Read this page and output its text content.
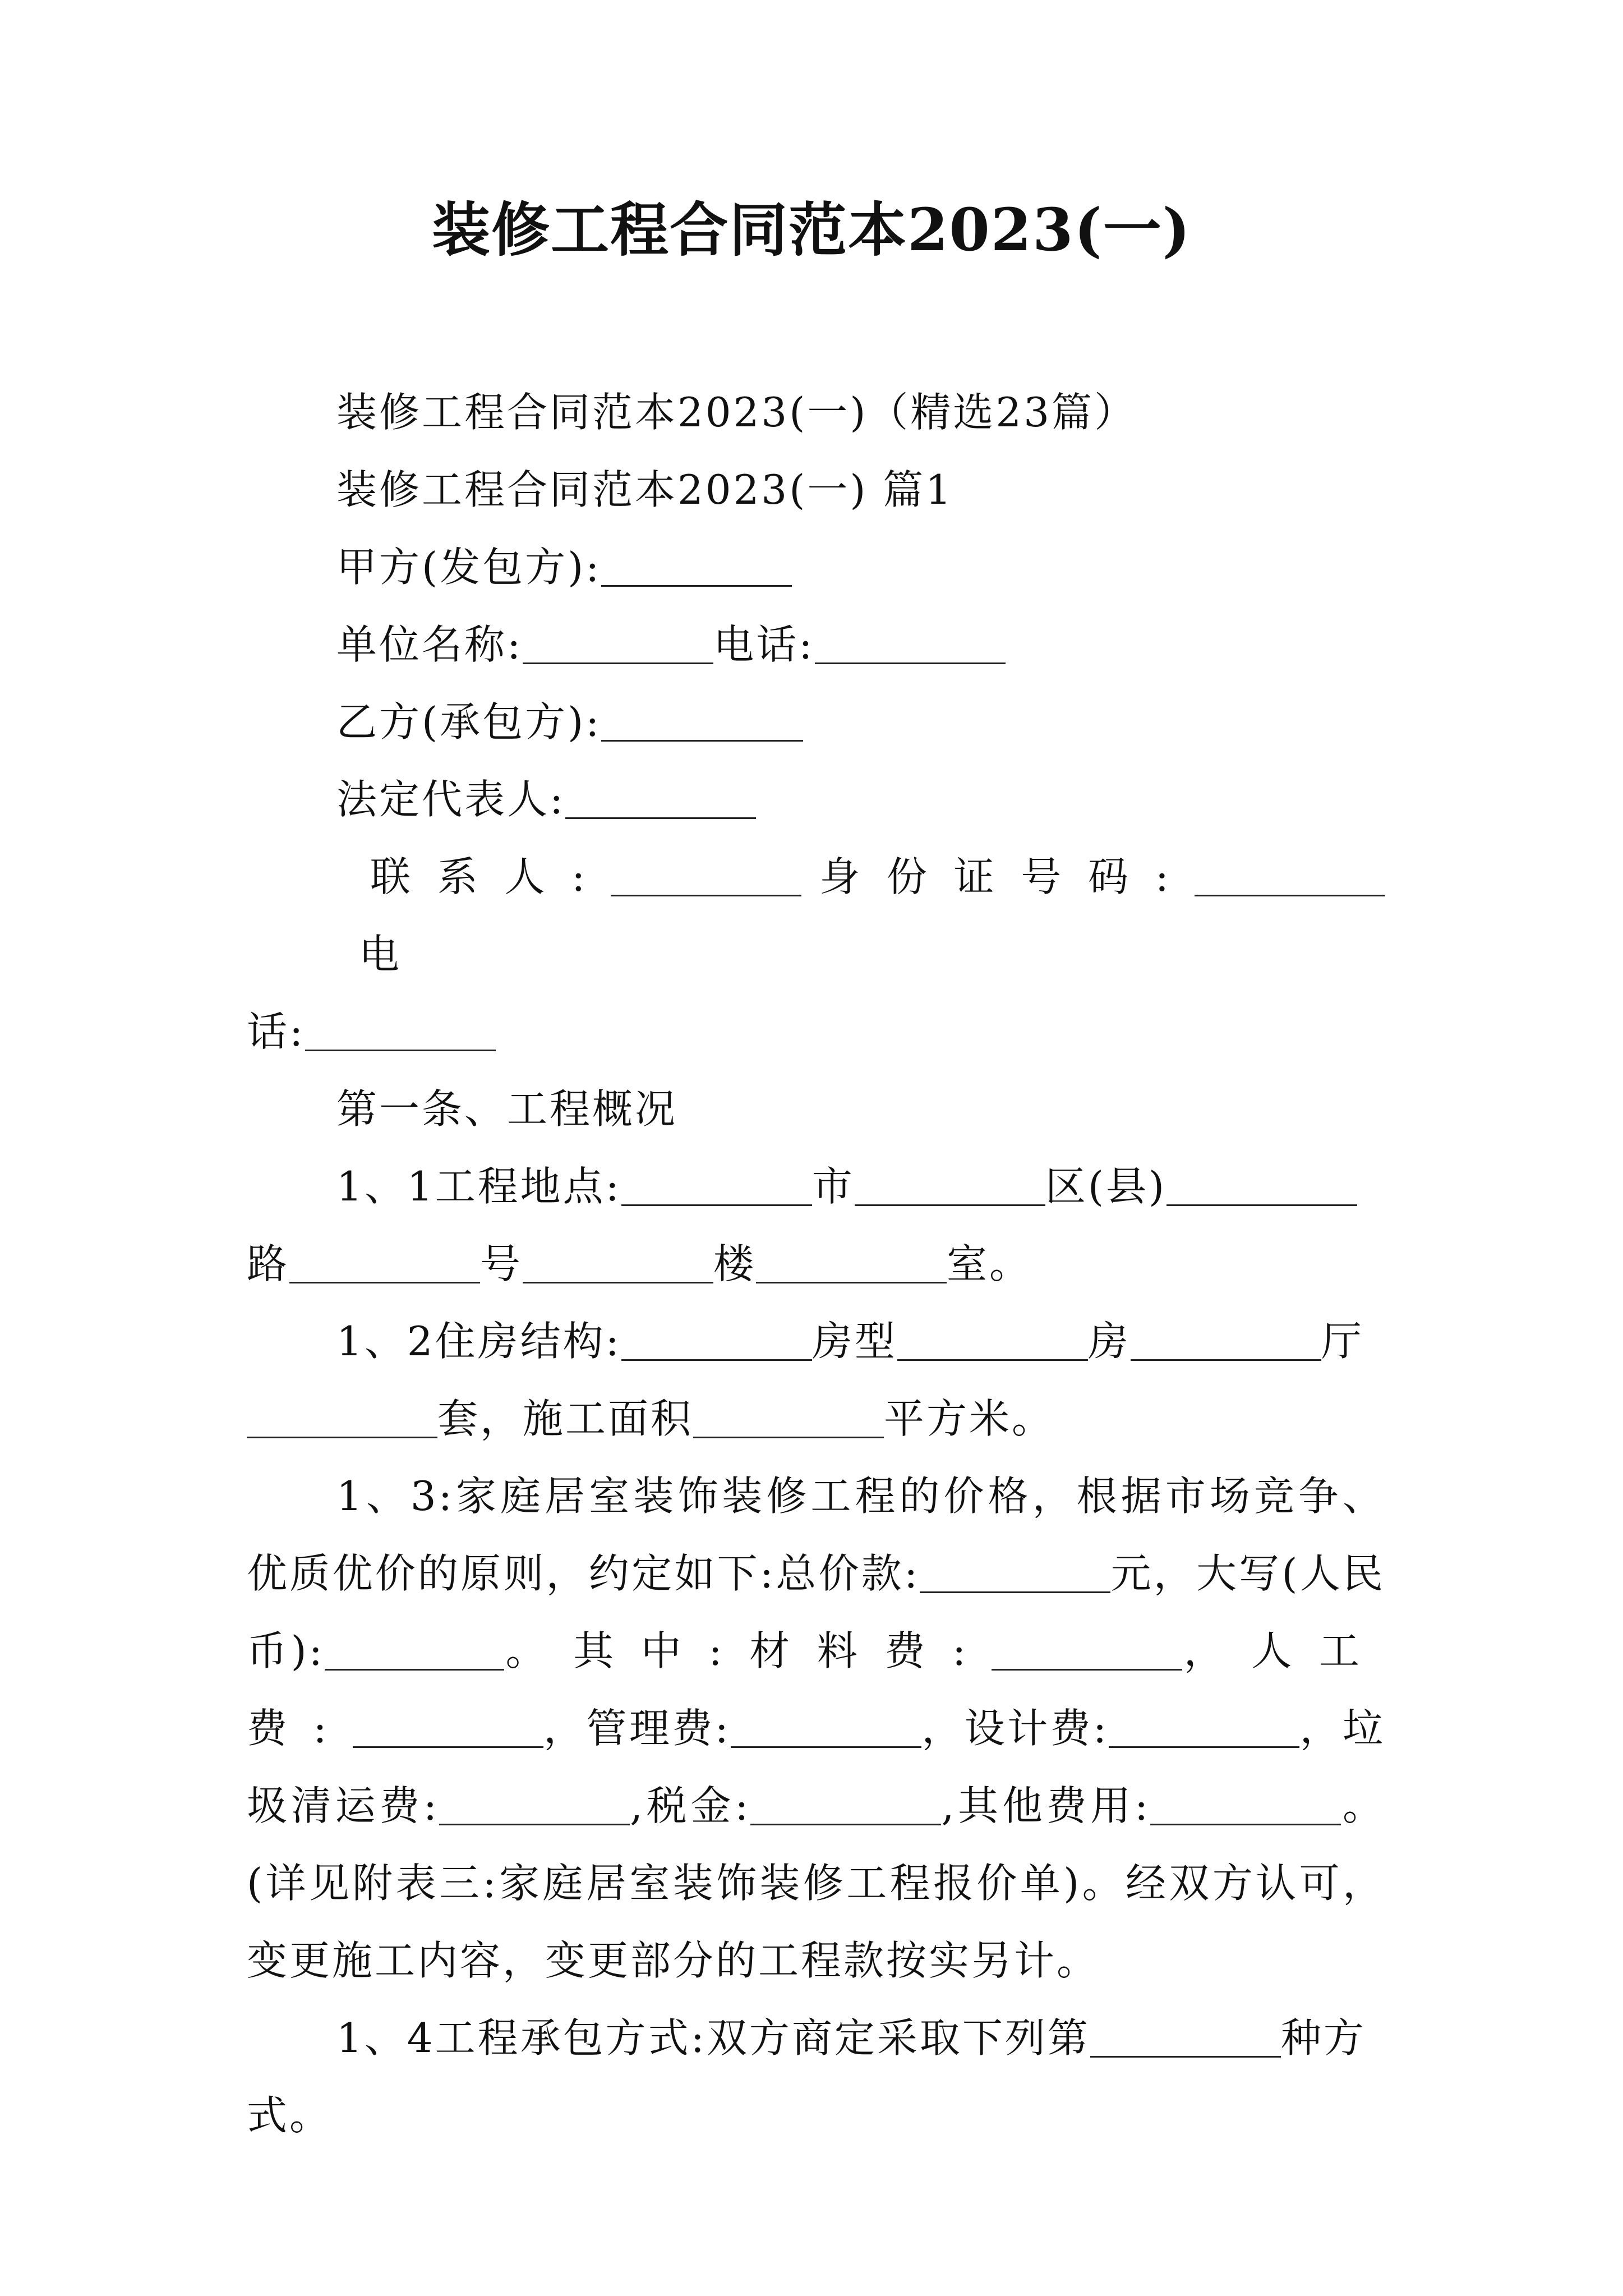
装修工程合同范本2023(一)

装修工程合同范本2023(一)（精选23篇）

装修工程合同范本2023(一) 篇1

甲方(发包方):

单位名称:	电话:

乙方(承包方):

法定代表人:

联系人:	身份证号码:电
话:

第一条、工程概况

1、1工程地点:	市	区(县)

路	号	楼	室。

1、2住房结构:	房型	房	厅

套，施工面积	平方米。

1、3:家庭居室装饰装修工程的价格，根据市场竞争、优质优价的原则，约定如下:总价款:	元，大写(人民币):	。其中:材料费:	，人工费:	，管理费:	，设计费:	，垃圾清运费:	,税金:	,其他费用:	。(详见附表三:家庭居室装饰装修工程报价单)。经双方认可，变更施工内容，变更部分的工程款按实另计。

1、4工程承包方式:双方商定采取下列第	种方式。
